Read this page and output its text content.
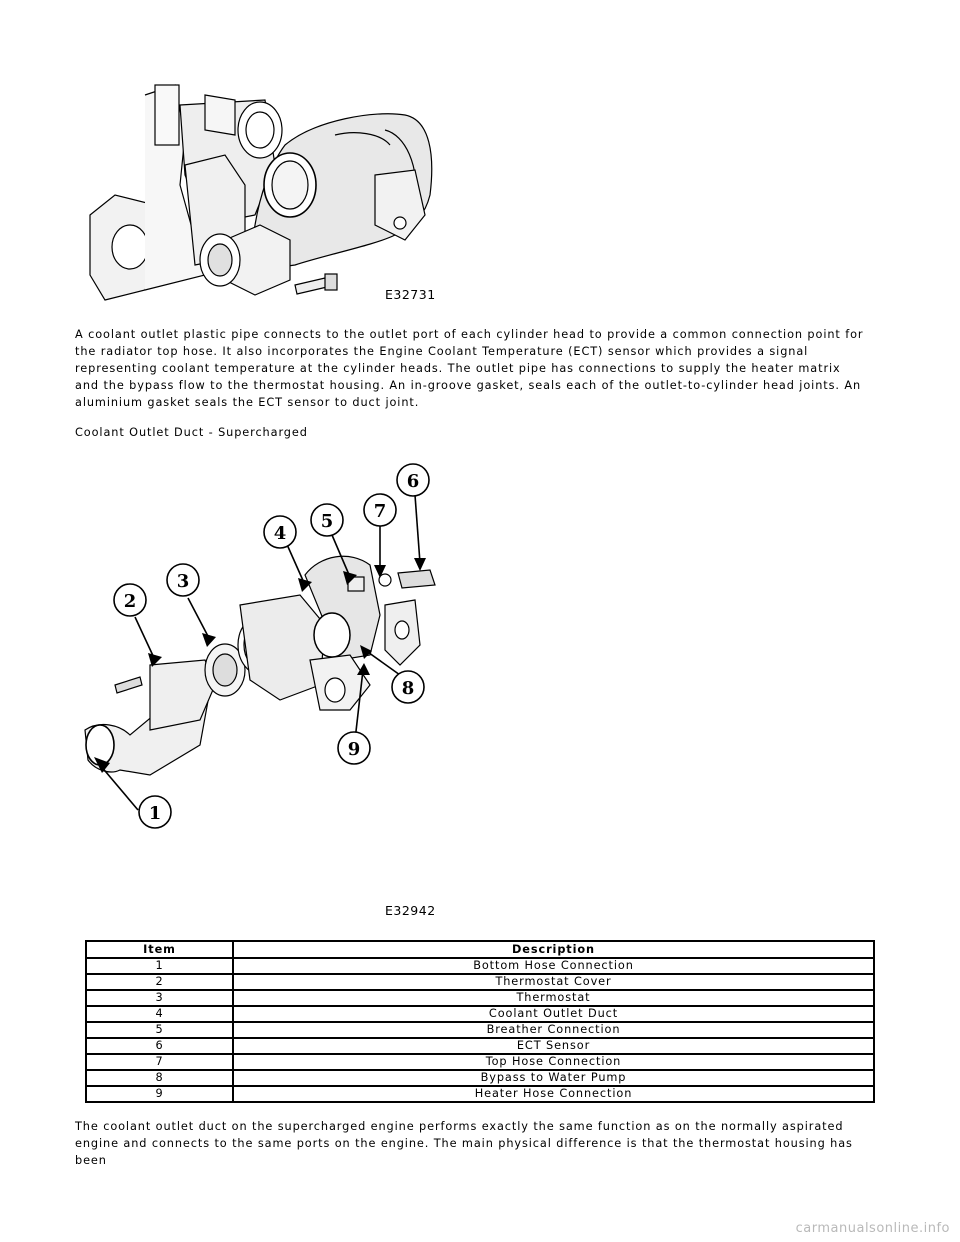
E32731

A coolant outlet plastic pipe connects to the outlet port of each cylinder head to provide a common connection point for the radiator top hose. It also incorporates the Engine Coolant Temperature (ECT) sensor which provides a signal representing coolant temperature at the cylinder heads. The outlet pipe has connections to supply the heater matrix and the bypass flow to the thermostat housing. An in-groove gasket, seals each of the outlet-to-cylinder head joints. An aluminium gasket seals the ECT sensor to duct joint.

Coolant Outlet Duct - Supercharged

1
2
3
4
5
6
7
8
9
E32942
Item	Description
1	Bottom Hose Connection
2	Thermostat Cover
3	Thermostat
4	Coolant Outlet Duct
5	Breather Connection
6	ECT Sensor
7	Top Hose Connection
8	Bypass to Water Pump
9	Heater Hose Connection

The coolant outlet duct on the supercharged engine performs exactly the same function as on the normally aspirated engine and connects to the same ports on the engine. The main physical difference is that the thermostat housing has been

carmanualsonline.info
